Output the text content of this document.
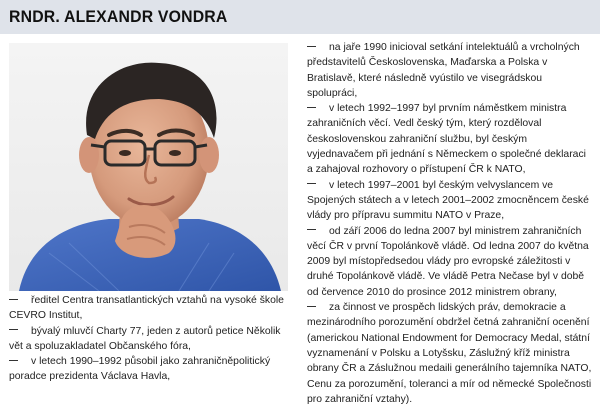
RNDR. ALEXANDR VONDRA

ředitel Centra transatlantických vztahů na vysoké škole CEVRO Institut,

bývalý mluvčí Charty 77, jeden z autorů petice Několik vět a spoluzakladatel Občanského fóra,

v letech 1990–1992 působil jako zahraničněpolitický poradce prezidenta Václava Havla,

na jaře 1990 inicioval setkání intelektuálů a vrcholných představitelů Československa, Maďarska a Polska v Bratislavě, které následně vyústilo ve visegrádskou spolupráci,

v letech 1992–1997 byl prvním náměstkem ministra zahraničních věcí. Vedl český tým, který rozděloval československou zahraniční službu, byl českým vyjednavačem při jednání s Německem o společné deklaraci a zahajoval rozhovory o přístupení ČR k NATO,

v letech 1997–2001 byl českým velvyslancem ve Spojených státech a v letech 2001–2002 zmocněncem české vlády pro přípravu summitu NATO v Praze,

od září 2006 do ledna 2007 byl ministrem zahraničních věcí ČR v první Topolánkově vládě. Od ledna 2007 do května 2009 byl místopředsedou vlády pro evropské záležitosti v druhé Topolánkově vládě. Ve vládě Petra Nečase byl v době od července 2010 do prosince 2012 ministrem obrany,

za činnost ve prospěch lidských práv, demokracie a mezinárodního porozumění obdržel četná zahraniční ocenění (americkou National Endowment for Democracy Medal, státní vyznamenání v Polsku a Lotyšsku, Záslužný kříž ministra obrany ČR a Záslužnou medaili generálního tajemníka NATO, Cenu za porozumění, toleranci a mír od německé Společnosti pro zahraniční vztahy).
